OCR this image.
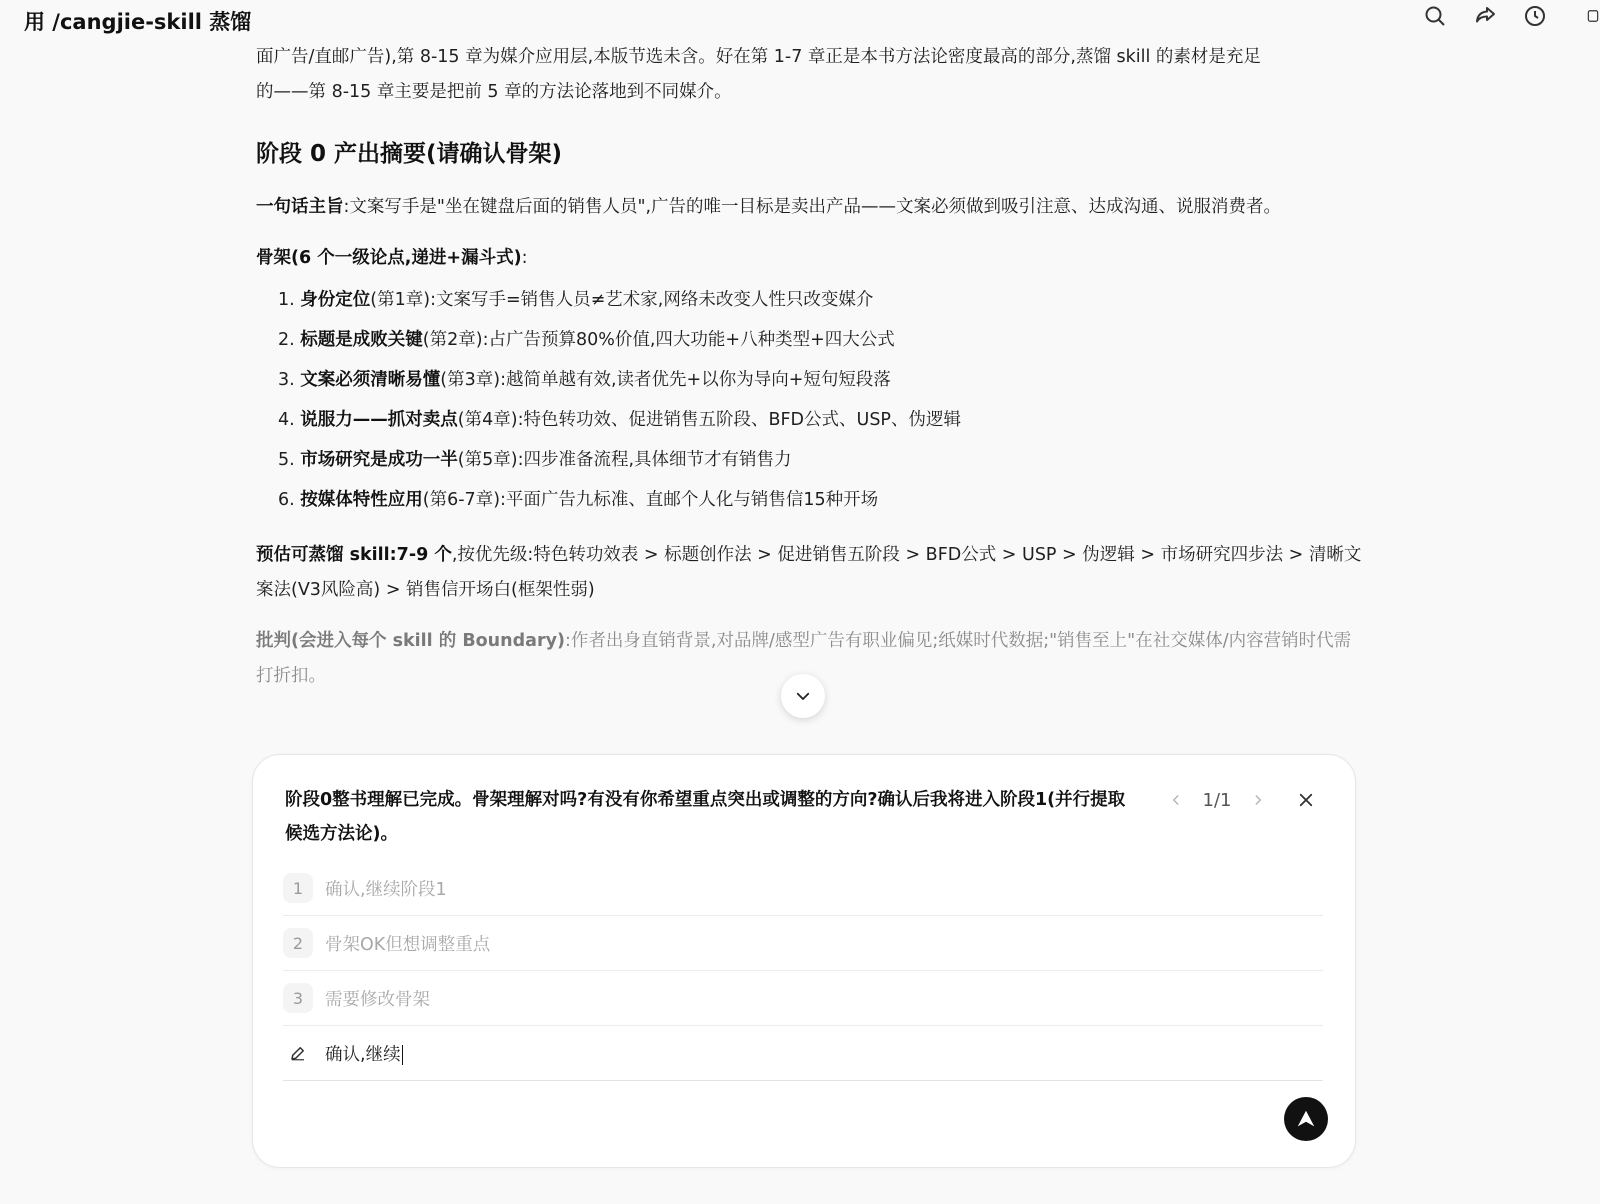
用 /cangjie-skill 蒸馏

面广告/直邮广告),第 8-15 章为媒介应用层,本版节选未含。好在第 1-7 章正是本书方法论密度最高的部分,蒸馏 skill 的素材是充足
的——第 8-15 章主要是把前 5 章的方法论落地到不同媒介。

阶段 0 产出摘要(请确认骨架)

一句话主旨:文案写手是"坐在键盘后面的销售人员",广告的唯一目标是卖出产品——文案必须做到吸引注意、达成沟通、说服消费者。

骨架(6 个一级论点,递进+漏斗式):

1. 身份定位(第1章):文案写手=销售人员≠艺术家,网络未改变人性只改变媒介
2. 标题是成败关键(第2章):占广告预算80%价值,四大功能+八种类型+四大公式
3. 文案必须清晰易懂(第3章):越简单越有效,读者优先+以你为导向+短句短段落
4. 说服力——抓对卖点(第4章):特色转功效、促进销售五阶段、BFD公式、USP、伪逻辑
5. 市场研究是成功一半(第5章):四步准备流程,具体细节才有销售力
6. 按媒体特性应用(第6-7章):平面广告九标准、直邮个人化与销售信15种开场

预估可蒸馏 skill:7-9 个,按优先级:特色转功效表 > 标题创作法 > 促进销售五阶段 > BFD公式 > USP > 伪逻辑 > 市场研究四步法 > 清晰文案法(V3风险高) > 销售信开场白(框架性弱)

批判(会进入每个 skill 的 Boundary):作者出身直销背景,对品牌/感型广告有职业偏见;纸媒时代数据;"销售至上"在社交媒体/内容营销时代需打折扣。

阶段0整书理解已完成。骨架理解对吗?有没有你希望重点突出或调整的方向?确认后我将进入阶段1(并行提取候选方法论)。
1/1
1	确认,继续阶段1
2	骨架OK但想调整重点
3	需要修改骨架
确认,继续
